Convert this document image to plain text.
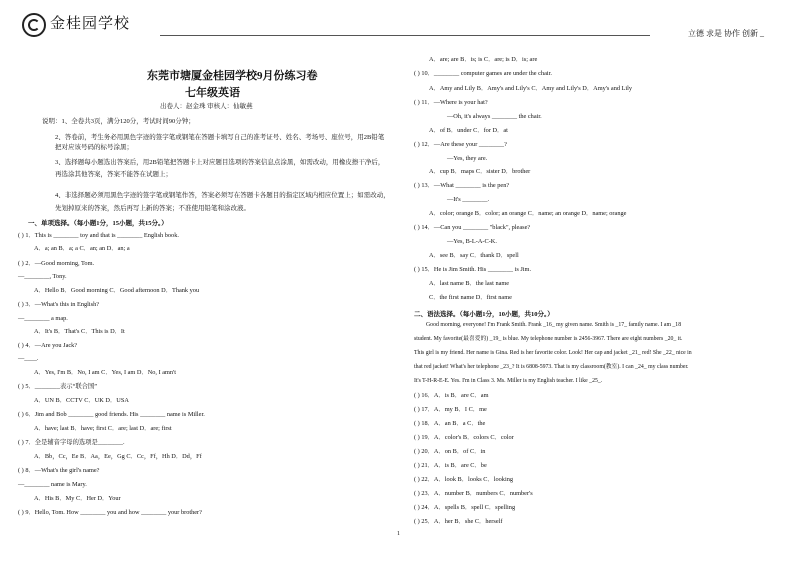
金桂园学校
立德 求是 协作 创新 _
东莞市塘厦金桂园学校9月份练习卷
七年级英语
出卷人：赵金珠 审核人：仙敏燕
说明：1、全卷共3页，满分120分，考试时间90分钟；
2、答卷前，考生务必用黑色字迹的签字笔或钢笔在答题卡填写自己的准考证号、姓名、考场号、座位号，用2B铅笔
把对应该号码的标号涂黑；
3、选择题每小题选出答案后，用2B铅笔把答题卡上对应题目选项的答案信息点涂黑，如需改动，用橡皮擦干净后，
再选涂其他答案，答案不能答在试题上；
4、非选择题必须用黑色字迹的签字笔或钢笔作答，答案必须写在答题卡各题目的指定区域内相应位置上；如需改动，
先划掉原来的答案，然后再写上新的答案；不准使用铅笔和涂改液。
一、单项选择。（每小题1分，15小题，共15分。）
( ) 1．This is ________ toy and that is ________ English book.
A．a; an B．a; a C．an; an D．an; a
( ) 2．—Good morning, Tom.
—________, Tony.
A．Hello B．Good morning C．Good afternoon D．Thank you
( ) 3．—What's this in English?
—________ a map.
A．It's B．That's C．This is D．It
( ) 4．—Are you Jack?
—____.
A．Yes, I'm B．No, I am C．Yes, I am D．No, I amn't
( ) 5．________表示“联合国”
A．UN B．CCTV C．UK D．USA
( ) 6．Jim and Bob ________ good friends. His ________ name is Miller.
A．have; last B．have; first C．are; last D．are; first
( ) 7．全是辅音字母的选项是________.
A．Bb，Cc，Ee B．Aa，Ee，Gg C．Cc，Ff，Hh D．Dd，Ff
( ) 8．—What's the girl's name?
—________ name is Mary.
A．His B．My C．Her D．Your
( ) 9．Hello, Tom. How ________ you and how ________ your brother?
A．are; are B．is; is C．are; is D．is; are
( ) 10．________ computer games are under the chair.
A．Amy and Lily B．Amy's and Lily's C．Amy and Lily's D．Amy's and Lily
( ) 11．—Where is your hat?
—Oh, it's always ________ the chair.
A．of B．under C．for D．at
( ) 12．—Are these your ________?
—Yes, they are.
A．cup B．maps C．sister D．brother
( ) 13．—What ________ is the pen?
—It's ________.
A．color; orange B．color; an orange C．name; an orange D．name; orange
( ) 14．—Can you ________ "black", please?
—Yes, B-L-A-C-K.
A．see B．say C．thank D．spell
( ) 15．He is Jim Smith. His ________ is Jim.
A．last name B．the last name
C．the first name D．first name
二、语法选择。（每小题1分，10小题，共10分。）
Good morning, everyone! I'm Frank Smith. Frank _16_ my given name. Smith is _17_ family name. I am _18
student. My favorite(最喜爱的) _19_ is blue. My telephone number is 2456-3967. There are eight numbers _20_ it.
This girl is my friend. Her name is Gina. Red is her favorite color. Look! Her cap and jacket _21_ red! She _22_ nice in
that red jacket! What's her telephone _23_? It is 6808-5973. That is my classroom(教室). I can _24_ my class number.
It's T-H-R-E-E. Yes. I'm in Class 3. Ms. Miller is my English teacher. I like _25_.
( ) 16．A．is B．are C．am
( ) 17．A．my B．I C．me
( ) 18．A．an B．a C．the
( ) 19．A．color's B．colors C．color
( ) 20．A．on B．of C．in
( ) 21．A．is B．are C．be
( ) 22．A．look B．looks C．looking
( ) 23．A．number B．numbers C．number's
( ) 24．A．spells B．spell C．spelling
( ) 25．A．her B．she C．herself
1
